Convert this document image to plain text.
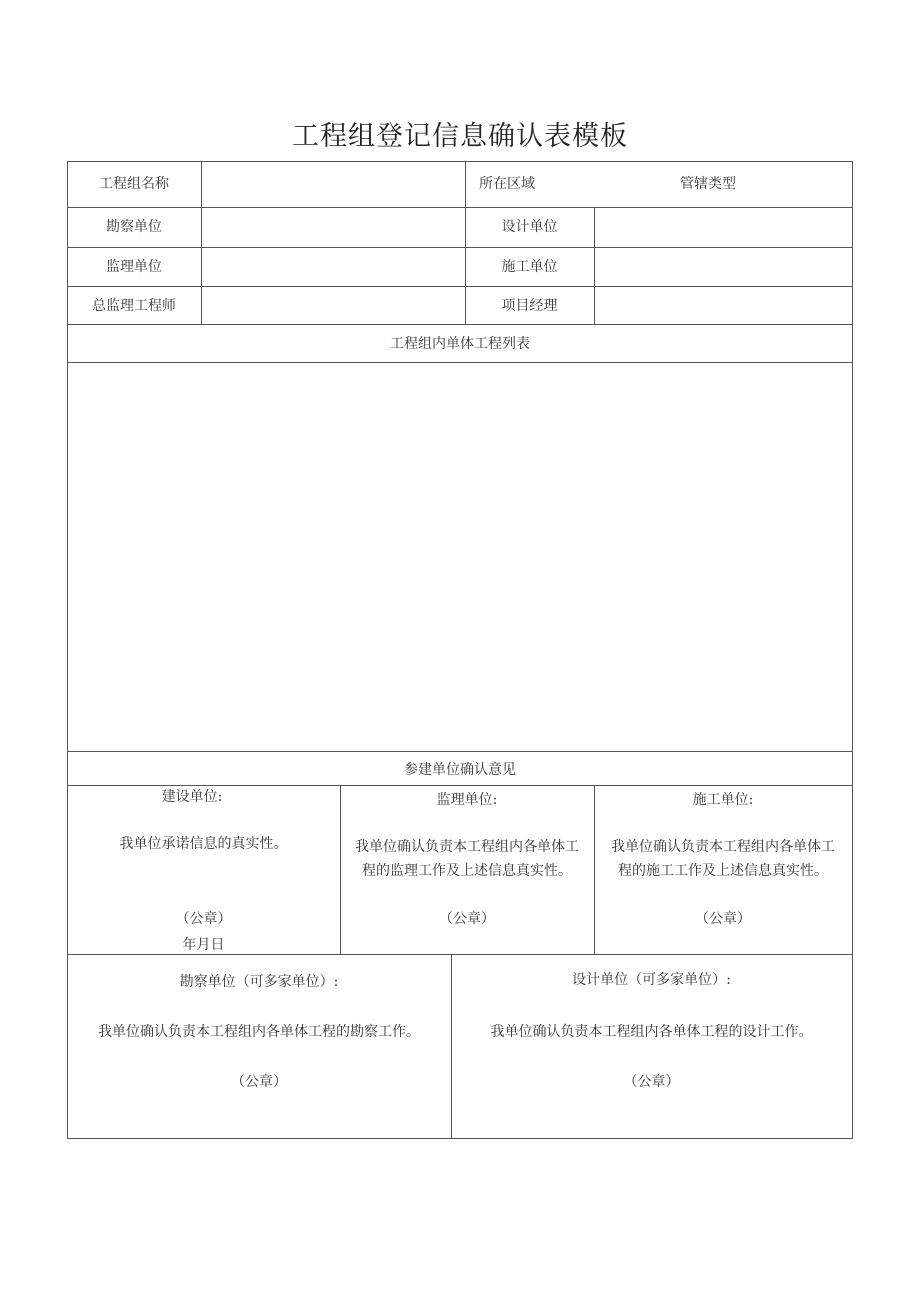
工程组登记信息确认表模板
工程组名称	所在区域	管辖类型
勘察单位	设计单位
监理单位	施工单位
总监理工程师	项目经理
工程组内单体工程列表
参建单位确认意见
建设单位:
我单位承诺信息的真实性。
（公章）
年月日
监理单位:
我单位确认负责本工程组内各单体工
程的监理工作及上述信息真实性。
（公章）
施工单位:
我单位确认负责本工程组内各单体工
程的施工工作及上述信息真实性。
（公章）
勘察单位（可多家单位）:
我单位确认负责本工程组内各单体工程的勘察工作。
（公章）
设计单位（可多家单位）:
我单位确认负责本工程组内各单体工程的设计工作。
（公章）
